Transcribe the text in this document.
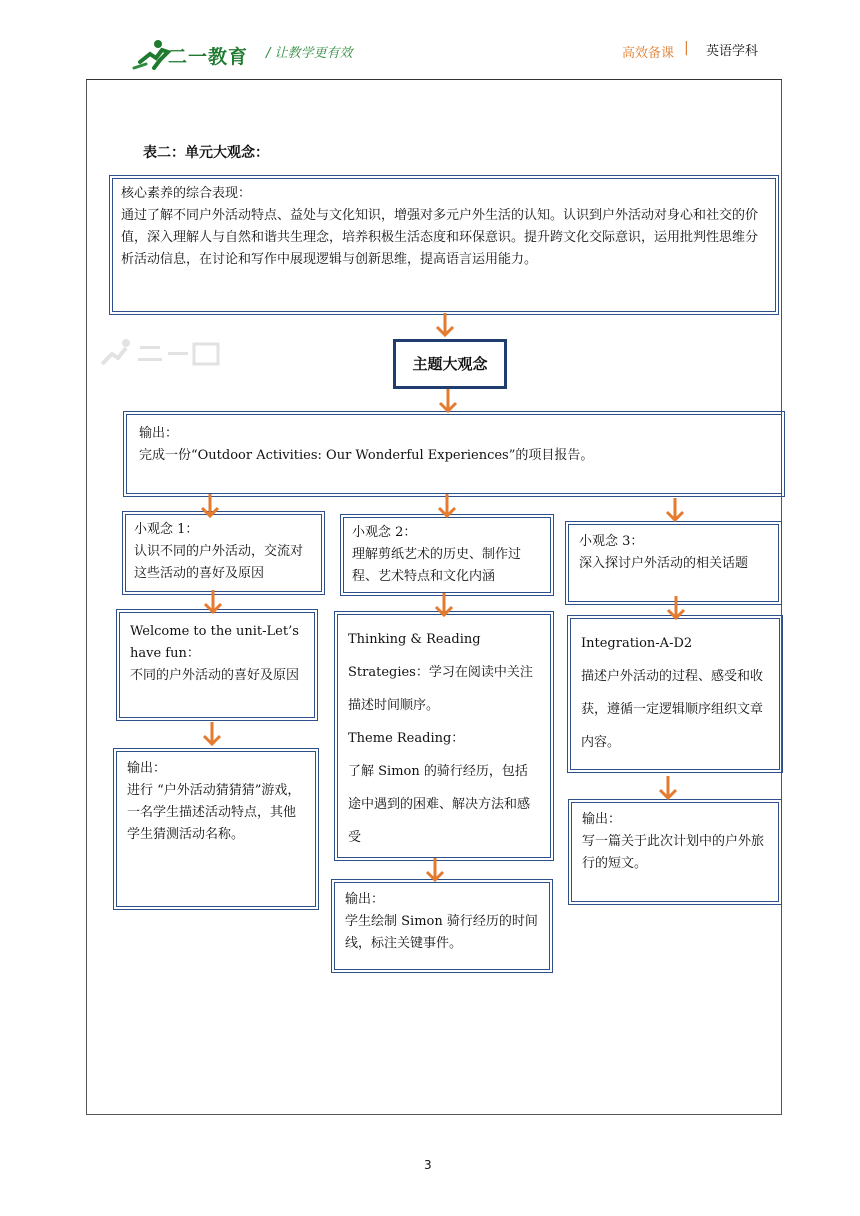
二一教育 / 让教学更有效	高效备课 | 英语学科
表二：单元大观念：
核心素养的综合表现：
通过了解不同户外活动特点、益处与文化知识，增强对多元户外生活的认知。认识到户外活动对身心和社交的价值，深入理解人与自然和谐共生理念，培养积极生活态度和环保意识。提升跨文化交际意识，运用批判性思维分析活动信息，在讨论和写作中展现逻辑与创新思维，提高语言运用能力。
主题大观念
输出：
完成一份“Outdoor Activities: Our Wonderful Experiences”的项目报告。
小观念 1：
认识不同的户外活动，交流对这些活动的喜好及原因
Welcome to the unit-Let’s have fun：
不同的户外活动的喜好及原因
输出：
进行 “户外活动猜猜猜”游戏，一名学生描述活动特点，其他学生猜测活动名称。
小观念 2：
理解剪纸艺术的历史、制作过程、艺术特点和文化内涵
Thinking & Reading
Strategies：学习在阅读中关注描述时间顺序。
Theme Reading：
了解 Simon 的骑行经历，包括途中遇到的困难、解决方法和感受
输出：
学生绘制 Simon 骑行经历的时间线，标注关键事件。
小观念 3：
深入探讨户外活动的相关话题
Integration-A-D2
描述户外活动的过程、感受和收获，遵循一定逻辑顺序组织文章内容。
输出：
写一篇关于此次计划中的户外旅行的短文。
3
